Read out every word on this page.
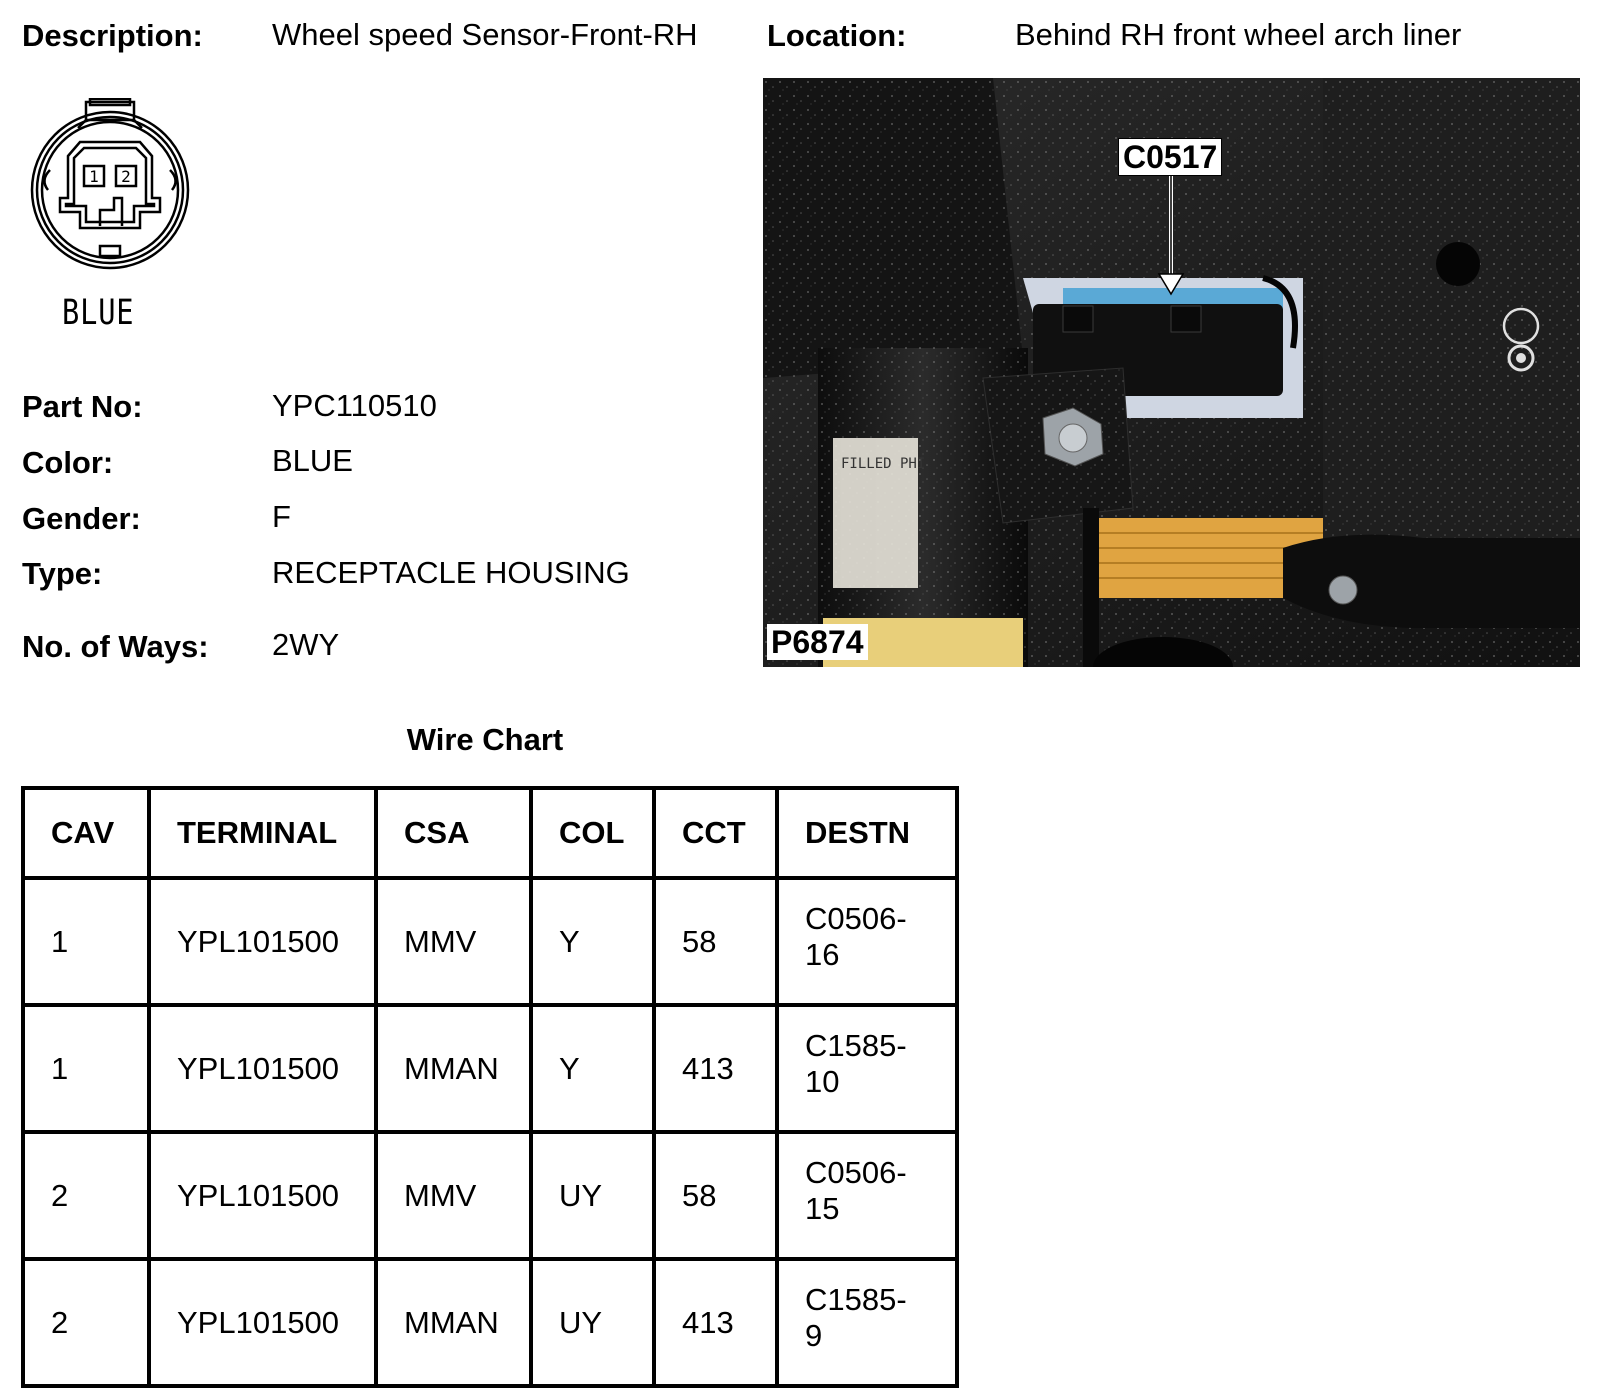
Description: Wheel speed Sensor-Front-RH Location:	Behind RH front wheel arch liner
1 2
BLUE
Part No:	YPC110510
Color:	BLUE
Gender:	F
Type:	RECEPTACLE HOUSING
No. of Ways: 2WY
FILLED PHI
C0517
P6874
Wire Chart
CAV	TERMINAL	CSA	COL	CCT	DESTN
1	YPL101500	MMV	Y	58	C0506-
16
1	YPL101500	MMAN	Y	413	C1585-
10
2	YPL101500	MMV	UY	58	C0506-
15
2	YPL101500	MMAN	UY	413	C1585-
9
